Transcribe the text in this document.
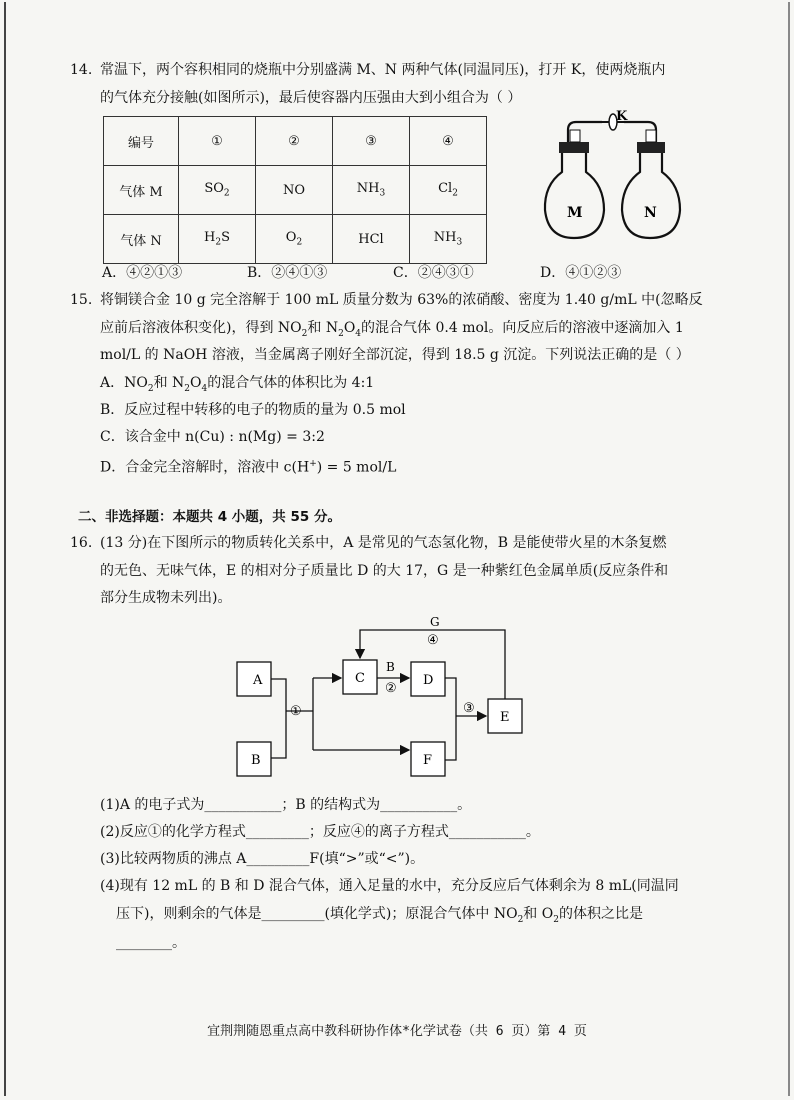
14. 常温下，两个容积相同的烧瓶中分别盛满 M、N 两种气体(同温同压)，打开 K，使两烧瓶内
的气体充分接触(如图所示)，最后使容器内压强由大到小组合为（ ）
编号	①	②	③	④
气体 M	$SO_2$	NO	$NH_3$	$Cl_2$
气体 N	$H_2S$	$O_2$	HCl	$NH_3$
K
M	N
A．④②①③	B．②④①③	C．②④③①	D．④①②③
15. 将铜镁合金 10 g 完全溶解于 100 mL 质量分数为 63%的浓硝酸、密度为 1.40 g/mL 中(忽略反
应前后溶液体积变化)，得到 $NO_2$和 $N_2O_4$的混合气体 0.4 mol。向反应后的溶液中逐滴加入 1
mol/L 的 NaOH 溶液，当金属离子刚好全部沉淀，得到 18.5 g 沉淀。下列说法正确的是（ ）
A．$NO_2$和 $N_2O_4$的混合气体的体积比为 4:1
B．反应过程中转移的电子的物质的量为 0.5 mol
C．该合金中 n(Cu) : n(Mg) = 3:2
D．合金完全溶解时，溶液中 c(H+) = 5 mol/L
二、非选择题：本题共 4 小题，共 55 分。
16. (13 分)在下图所示的物质转化关系中，A 是常见的气态氢化物，B 是能使带火星的木条复燃
的无色、无味气体，E 的相对分子质量比 D 的大 17，G 是一种紫红色金属单质(反应条件和
部分生成物未列出)。
A
B
C	D
E
F
G
④
B
②
①	③
(1)A 的电子式为___________；B 的结构式为___________。
(2)反应①的化学方程式_________；反应④的离子方程式___________。
(3)比较两物质的沸点 A_________F(填“>”或“<”)。
(4)现有 12 mL 的 B 和 D 混合气体，通入足量的水中，充分反应后气体剩余为 8 mL(同温同
压下)，则剩余的气体是_________(填化学式)；原混合气体中 $NO_2$和 $O_2$的体积之比是
________。
宜荆荆随恩重点高中教科研协作体*化学试卷（共 6 页）第 4 页
